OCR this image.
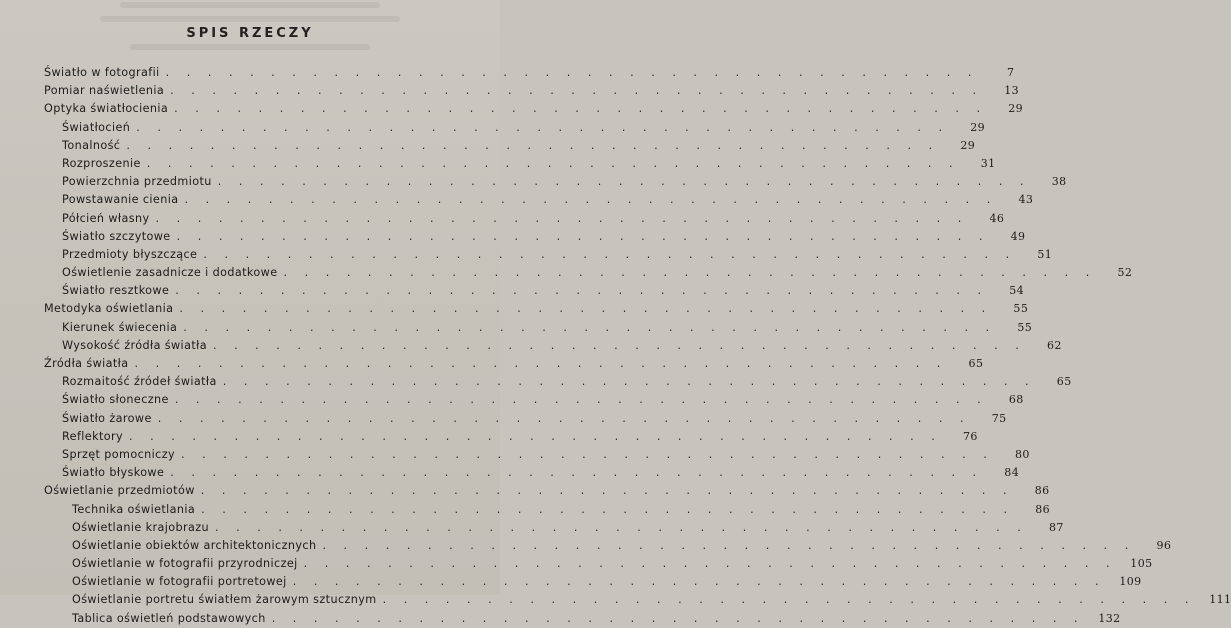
SPIS RZECZY
Światło w fotografii . . . . . . . . . . . . . . . . . . . . . . . . . . . . . . . . . . . . . . .	7
Pomiar naświetlenia . . . . . . . . . . . . . . . . . . . . . . . . . . . . . . . . . . . . . . .	13
Optyka światłocienia . . . . . . . . . . . . . . . . . . . . . . . . . . . . . . . . . . . . . . .	29
Światłocień . . . . . . . . . . . . . . . . . . . . . . . . . . . . . . . . . . . . . . .	29
Tonalność . . . . . . . . . . . . . . . . . . . . . . . . . . . . . . . . . . . . . . .	29
Rozproszenie . . . . . . . . . . . . . . . . . . . . . . . . . . . . . . . . . . . . . . .	31
Powierzchnia przedmiotu . . . . . . . . . . . . . . . . . . . . . . . . . . . . . . . . . . . . . . .	38
Powstawanie cienia . . . . . . . . . . . . . . . . . . . . . . . . . . . . . . . . . . . . . . .	43
Półcień własny . . . . . . . . . . . . . . . . . . . . . . . . . . . . . . . . . . . . . . .	46
Światło szczytowe . . . . . . . . . . . . . . . . . . . . . . . . . . . . . . . . . . . . . . .	49
Przedmioty błyszczące . . . . . . . . . . . . . . . . . . . . . . . . . . . . . . . . . . . . . . .	51
Oświetlenie zasadnicze i dodatkowe . . . . . . . . . . . . . . . . . . . . . . . . . . . . . . . . . . . . . . .	52
Światło resztkowe . . . . . . . . . . . . . . . . . . . . . . . . . . . . . . . . . . . . . . .	54
Metodyka oświetlania . . . . . . . . . . . . . . . . . . . . . . . . . . . . . . . . . . . . . . .	55
Kierunek świecenia . . . . . . . . . . . . . . . . . . . . . . . . . . . . . . . . . . . . . . .	55
Wysokość źródła światła . . . . . . . . . . . . . . . . . . . . . . . . . . . . . . . . . . . . . . .	62
Źródła światła . . . . . . . . . . . . . . . . . . . . . . . . . . . . . . . . . . . . . . .	65
Rozmaitość źródeł światła . . . . . . . . . . . . . . . . . . . . . . . . . . . . . . . . . . . . . . .	65
Światło słoneczne . . . . . . . . . . . . . . . . . . . . . . . . . . . . . . . . . . . . . . .	68
Światło żarowe . . . . . . . . . . . . . . . . . . . . . . . . . . . . . . . . . . . . . . .	75
Reflektory . . . . . . . . . . . . . . . . . . . . . . . . . . . . . . . . . . . . . . .	76
Sprzęt pomocniczy . . . . . . . . . . . . . . . . . . . . . . . . . . . . . . . . . . . . . . .	80
Światło błyskowe . . . . . . . . . . . . . . . . . . . . . . . . . . . . . . . . . . . . . . .	84
Oświetlanie przedmiotów . . . . . . . . . . . . . . . . . . . . . . . . . . . . . . . . . . . . . . .	86
Technika oświetlania . . . . . . . . . . . . . . . . . . . . . . . . . . . . . . . . . . . . . . .	86
Oświetlanie krajobrazu . . . . . . . . . . . . . . . . . . . . . . . . . . . . . . . . . . . . . . .	87
Oświetlanie obiektów architektonicznych . . . . . . . . . . . . . . . . . . . . . . . . . . . . . . . . . . . . . . .	96
Oświetlanie w fotografii przyrodniczej . . . . . . . . . . . . . . . . . . . . . . . . . . . . . . . . . . . . . . .	105
Oświetlanie w fotografii portretowej . . . . . . . . . . . . . . . . . . . . . . . . . . . . . . . . . . . . . . .	109
Oświetlanie portretu światłem żarowym sztucznym . . . . . . . . . . . . . . . . . . . . . . . . . . . . . . . . . . . . . . .	111
Tablica oświetleń podstawowych . . . . . . . . . . . . . . . . . . . . . . . . . . . . . . . . . . . . . . .	132
